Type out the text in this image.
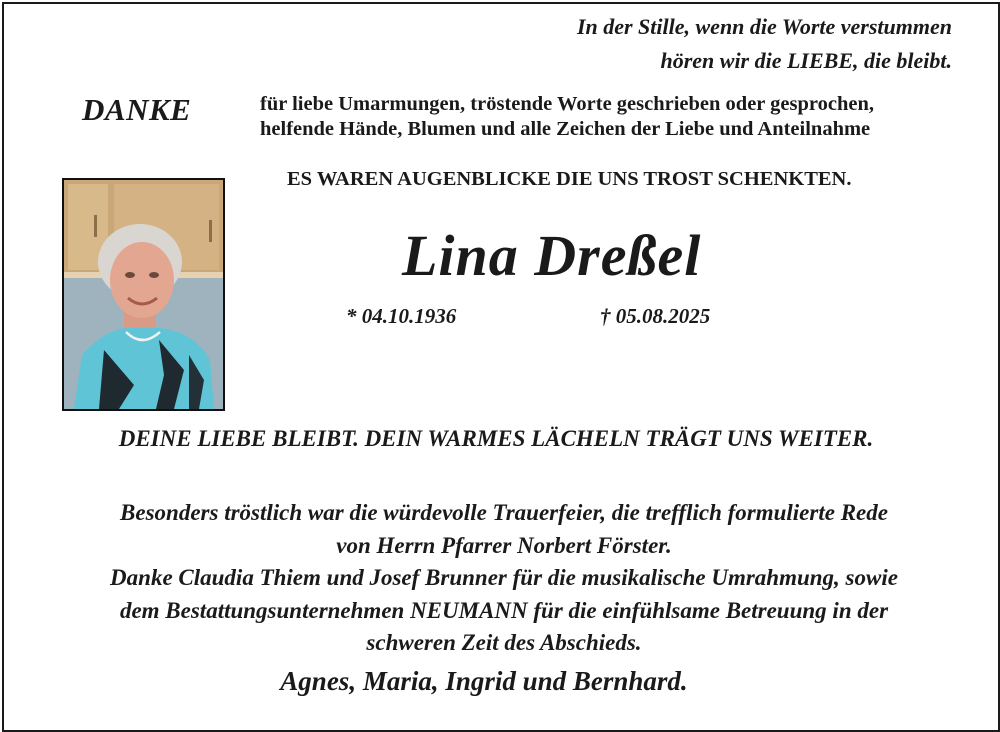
In der Stille, wenn die Worte verstummen
hören wir die LIEBE, die bleibt.
DANKE	für liebe Umarmungen, tröstende Worte geschrieben oder gesprochen,
helfende Hände, Blumen und alle Zeichen der Liebe und Anteilnahme
ES WAREN AUGENBLICKE DIE UNS TROST SCHENKTEN.
Lina Dreßel
* 04.10.1936	† 05.08.2025
DEINE LIEBE BLEIBT. DEIN WARMES LÄCHELN TRÄGT UNS WEITER.
Besonders tröstlich war die würdevolle Trauerfeier, die trefflich formulierte Rede
von Herrn Pfarrer Norbert Förster.
Danke Claudia Thiem und Josef Brunner für die musikalische Umrahmung, sowie
dem Bestattungsunternehmen NEUMANN für die einfühlsame Betreuung in der
schweren Zeit des Abschieds.
Agnes, Maria, Ingrid und Bernhard.
